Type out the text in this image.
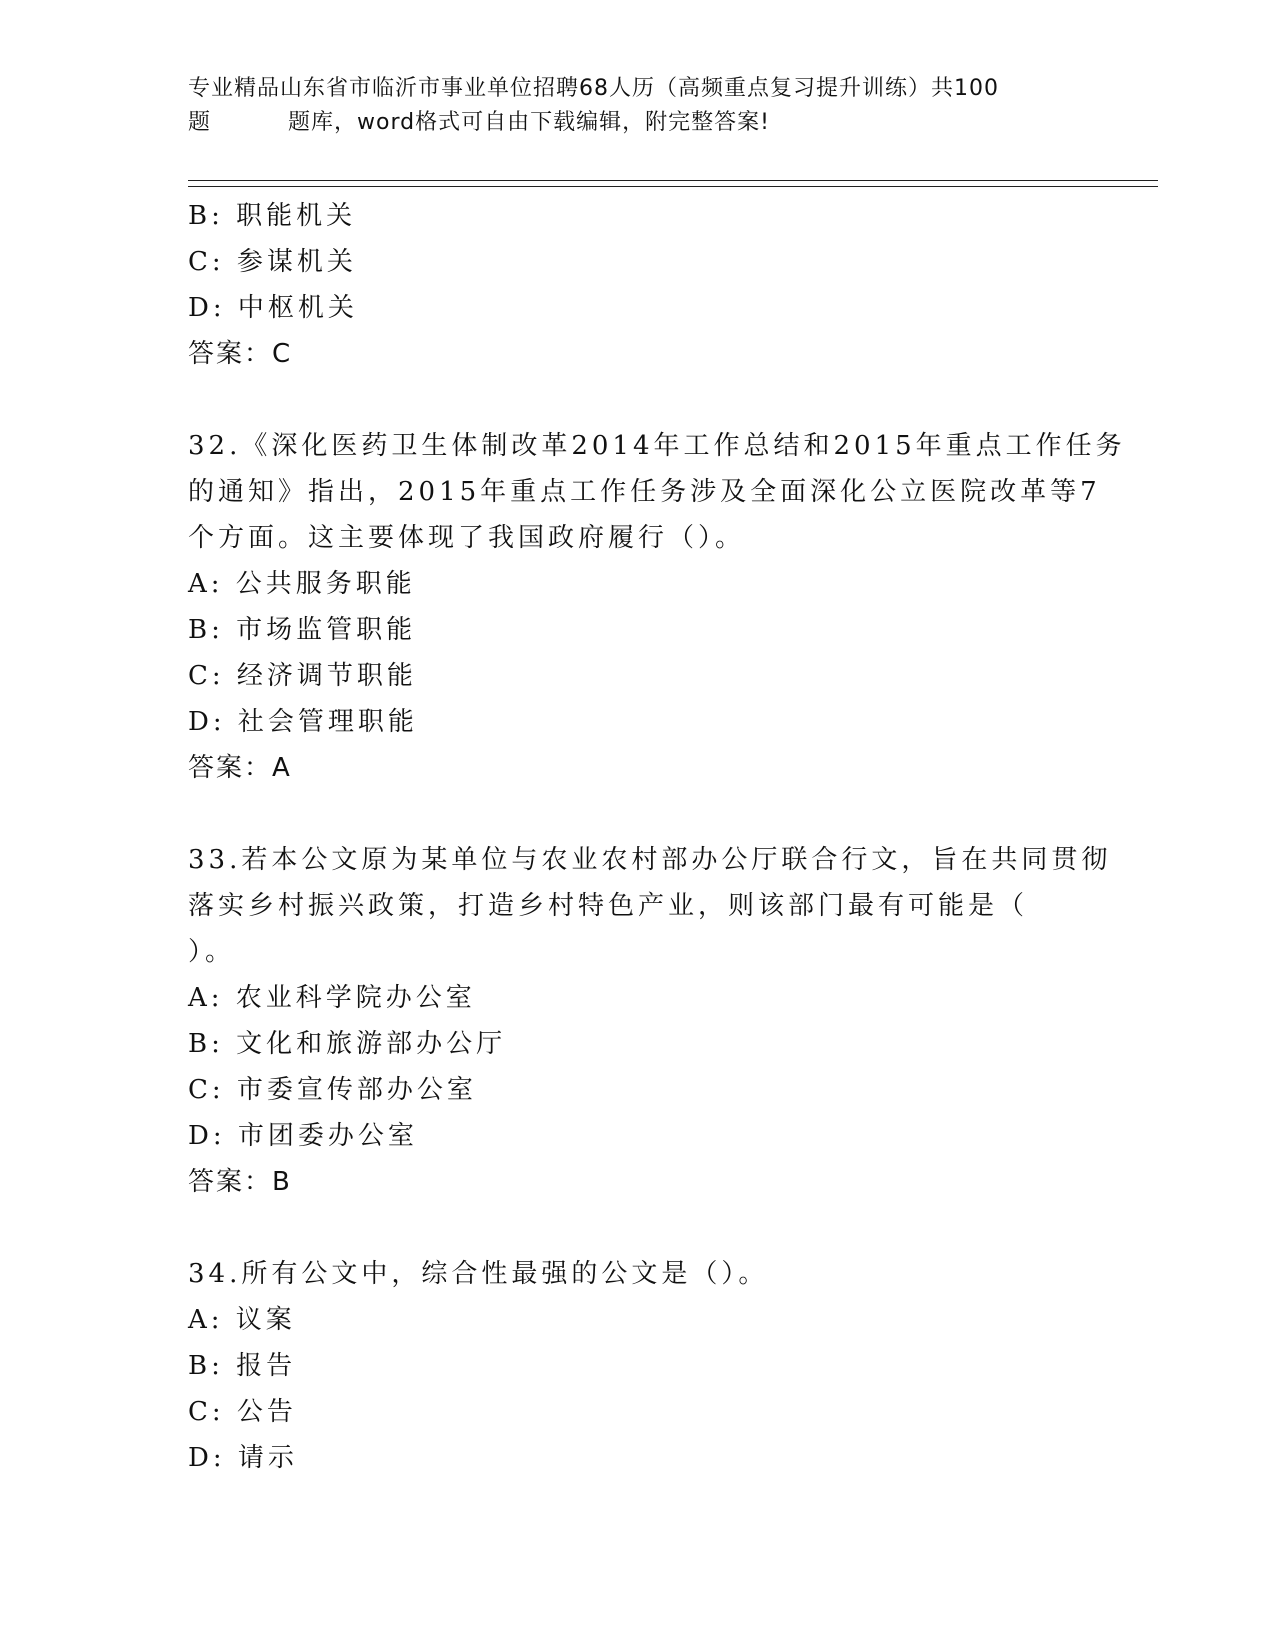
专业精品山东省市临沂市事业单位招聘68人历（高频重点复习提升训练）共100
题	题库，word格式可自由下载编辑，附完整答案!
B: 职能机关
C: 参谋机关
D: 中枢机关
答案：C
32.《深化医药卫生体制改革2014年工作总结和2015年重点工作任务
的通知》指出，2015年重点工作任务涉及全面深化公立医院改革等7
个方面。这主要体现了我国政府履行（）。
A: 公共服务职能
B: 市场监管职能
C: 经济调节职能
D: 社会管理职能
答案：A
33.若本公文原为某单位与农业农村部办公厅联合行文，旨在共同贯彻
落实乡村振兴政策，打造乡村特色产业，则该部门最有可能是（
）。
A: 农业科学院办公室
B: 文化和旅游部办公厅
C: 市委宣传部办公室
D: 市团委办公室
答案：B
34.所有公文中，综合性最强的公文是（）。
A: 议案
B: 报告
C: 公告
D: 请示
